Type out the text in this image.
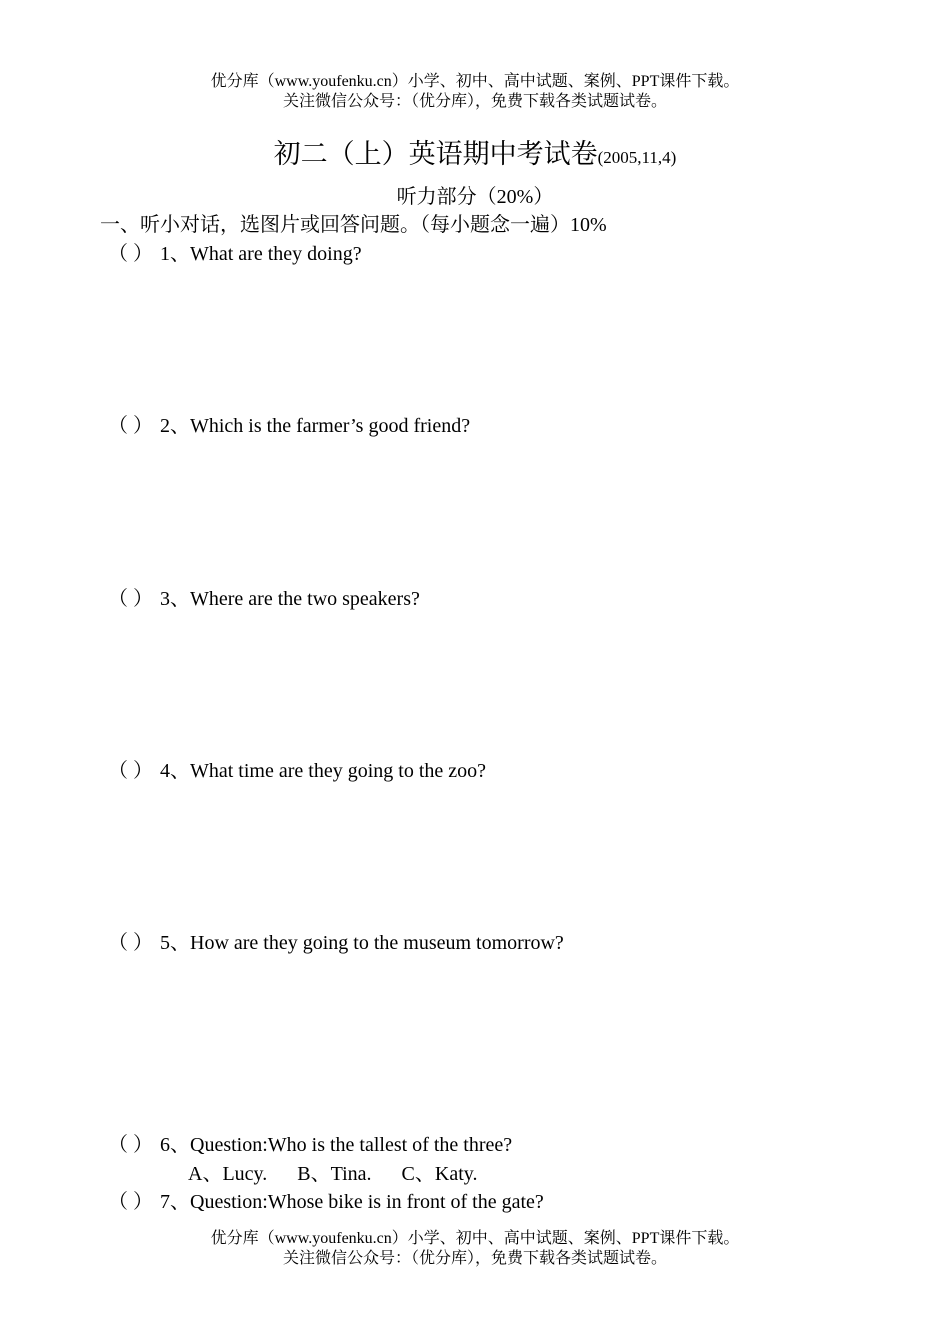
优分库（www.youfenku.cn）小学、初中、高中试题、案例、PPT课件下载。
关注微信公众号：（优分库），免费下载各类试题试卷。
初二（上）英语期中考试卷(2005,11,4)
听力部分（20%）
一、听小对话，选图片或回答问题。（每小题念一遍）10%
（ ） 1、What are they doing?
（ ） 2、Which is the farmer’s good friend?
（ ） 3、Where are the two speakers?
（ ） 4、What time are they going to the zoo?
（ ） 5、How are they going to the museum tomorrow?
（ ） 6、Question:Who is the tallest of the three?
A、Lucy. B、Tina. C、Katy.
（ ） 7、Question:Whose bike is in front of the gate?
优分库（www.youfenku.cn）小学、初中、高中试题、案例、PPT课件下载。
关注微信公众号：（优分库），免费下载各类试题试卷。
